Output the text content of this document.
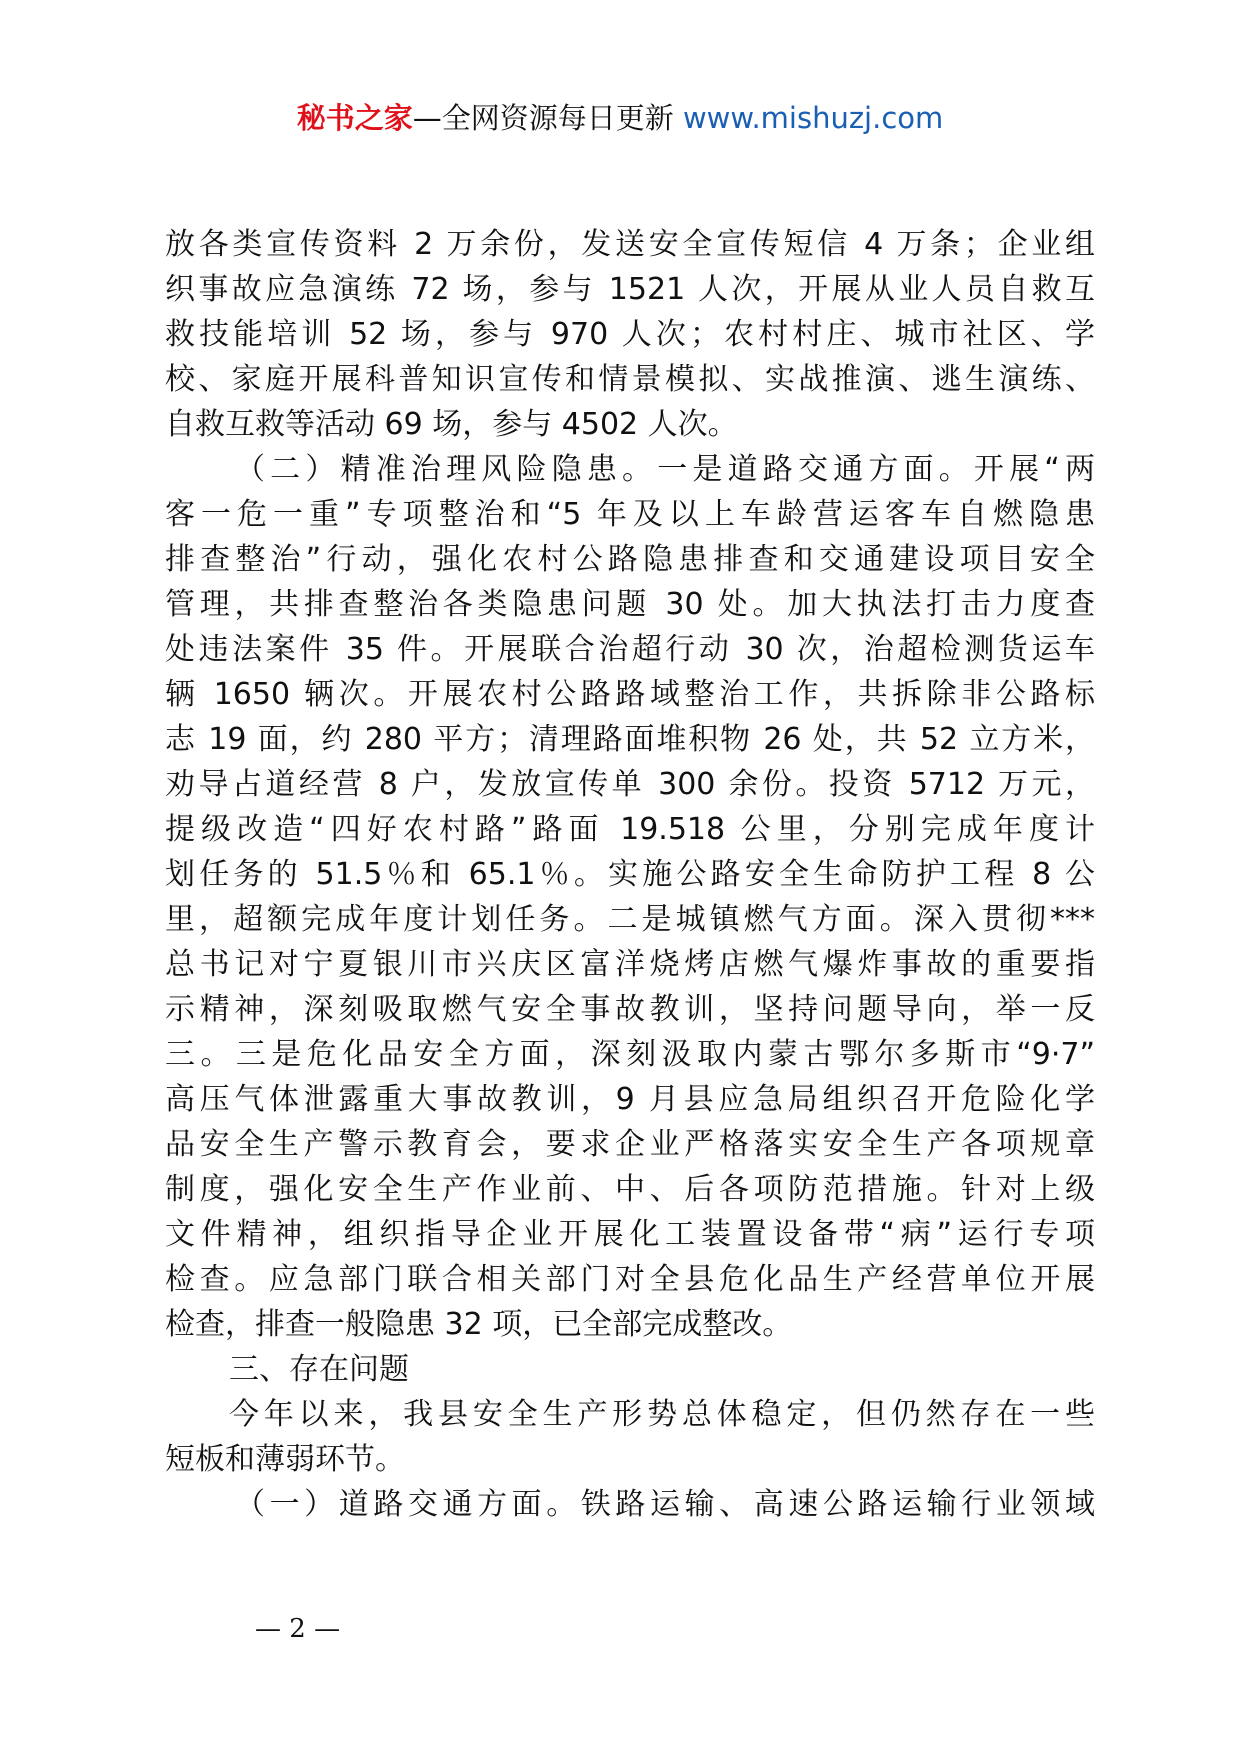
秘书之家—全网资源每日更新 www.mishuzj.com
放各类宣传资料 2 万余份，发送安全宣传短信 4 万条；企业组
织事故应急演练 72 场，参与 1521 人次，开展从业人员自救互
救技能培训 52 场，参与 970 人次；农村村庄、城市社区、学
校、家庭开展科普知识宣传和情景模拟、实战推演、逃生演练、
自救互救等活动 69 场，参与 4502 人次。
（二）精准治理风险隐患。一是道路交通方面。开展“两
客一危一重”专项整治和“5 年及以上车龄营运客车自燃隐患
排查整治”行动，强化农村公路隐患排查和交通建设项目安全
管理，共排查整治各类隐患问题 30 处。加大执法打击力度查
处违法案件 35 件。开展联合治超行动 30 次，治超检测货运车
辆 1650 辆次。开展农村公路路域整治工作，共拆除非公路标
志 19 面，约 280 平方；清理路面堆积物 26 处，共 52 立方米，
劝导占道经营 8 户，发放宣传单 300 余份。投资 5712 万元，
提级改造“四好农村路”路面 19.518 公里，分别完成年度计
划任务的 51.5％和 65.1％。实施公路安全生命防护工程 8 公
里，超额完成年度计划任务。二是城镇燃气方面。深入贯彻***
总书记对宁夏银川市兴庆区富洋烧烤店燃气爆炸事故的重要指
示精神，深刻吸取燃气安全事故教训，坚持问题导向，举一反
三。三是危化品安全方面，深刻汲取内蒙古鄂尔多斯市“9·7”
高压气体泄露重大事故教训，9 月县应急局组织召开危险化学
品安全生产警示教育会，要求企业严格落实安全生产各项规章
制度，强化安全生产作业前、中、后各项防范措施。针对上级
文件精神，组织指导企业开展化工装置设备带“病”运行专项
检查。应急部门联合相关部门对全县危化品生产经营单位开展
检查，排查一般隐患 32 项，已全部完成整改。
三、存在问题
今年以来，我县安全生产形势总体稳定，但仍然存在一些
短板和薄弱环节。
（一）道路交通方面。铁路运输、高速公路运输行业领域
— 2 —
